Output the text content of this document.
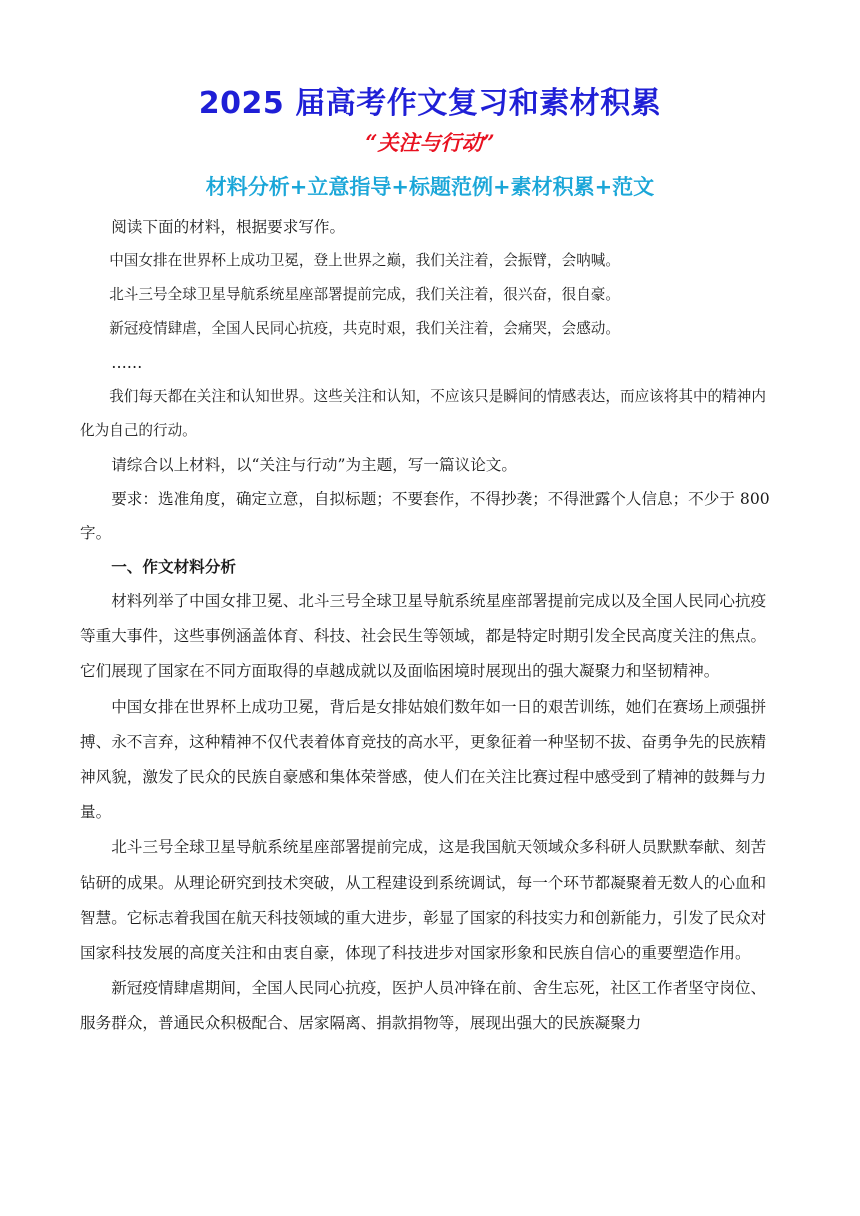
2025 届高考作文复习和素材积累
“关注与行动”
材料分析+立意指导+标题范例+素材积累+范文

阅读下面的材料，根据要求写作。

中国女排在世界杯上成功卫冕，登上世界之巅，我们关注着，会振臂，会呐喊。

北斗三号全球卫星导航系统星座部署提前完成，我们关注着，很兴奋，很自豪。

新冠疫情肆虐，全国人民同心抗疫，共克时艰，我们关注着，会痛哭，会感动。

……

我们每天都在关注和认知世界。这些关注和认知，不应该只是瞬间的情感表达，而应该将其中的精神内化为自己的行动。

请综合以上材料，以“关注与行动”为主题，写一篇议论文。

要求：选准角度，确定立意，自拟标题；不要套作，不得抄袭；不得泄露个人信息；不少于 800 字。

一、作文材料分析

材料列举了中国女排卫冕、北斗三号全球卫星导航系统星座部署提前完成以及全国人民同心抗疫等重大事件，这些事例涵盖体育、科技、社会民生等领域，都是特定时期引发全民高度关注的焦点。它们展现了国家在不同方面取得的卓越成就以及面临困境时展现出的强大凝聚力和坚韧精神。

中国女排在世界杯上成功卫冕，背后是女排姑娘们数年如一日的艰苦训练，她们在赛场上顽强拼搏、永不言弃，这种精神不仅代表着体育竞技的高水平，更象征着一种坚韧不拔、奋勇争先的民族精神风貌，激发了民众的民族自豪感和集体荣誉感，使人们在关注比赛过程中感受到了精神的鼓舞与力量。

北斗三号全球卫星导航系统星座部署提前完成，这是我国航天领域众多科研人员默默奉献、刻苦钻研的成果。从理论研究到技术突破，从工程建设到系统调试，每一个环节都凝聚着无数人的心血和智慧。它标志着我国在航天科技领域的重大进步，彰显了国家的科技实力和创新能力，引发了民众对国家科技发展的高度关注和由衷自豪，体现了科技进步对国家形象和民族自信心的重要塑造作用。

新冠疫情肆虐期间，全国人民同心抗疫，医护人员冲锋在前、舍生忘死，社区工作者坚守岗位、服务群众，普通民众积极配合、居家隔离、捐款捐物等，展现出强大的民族凝聚力
